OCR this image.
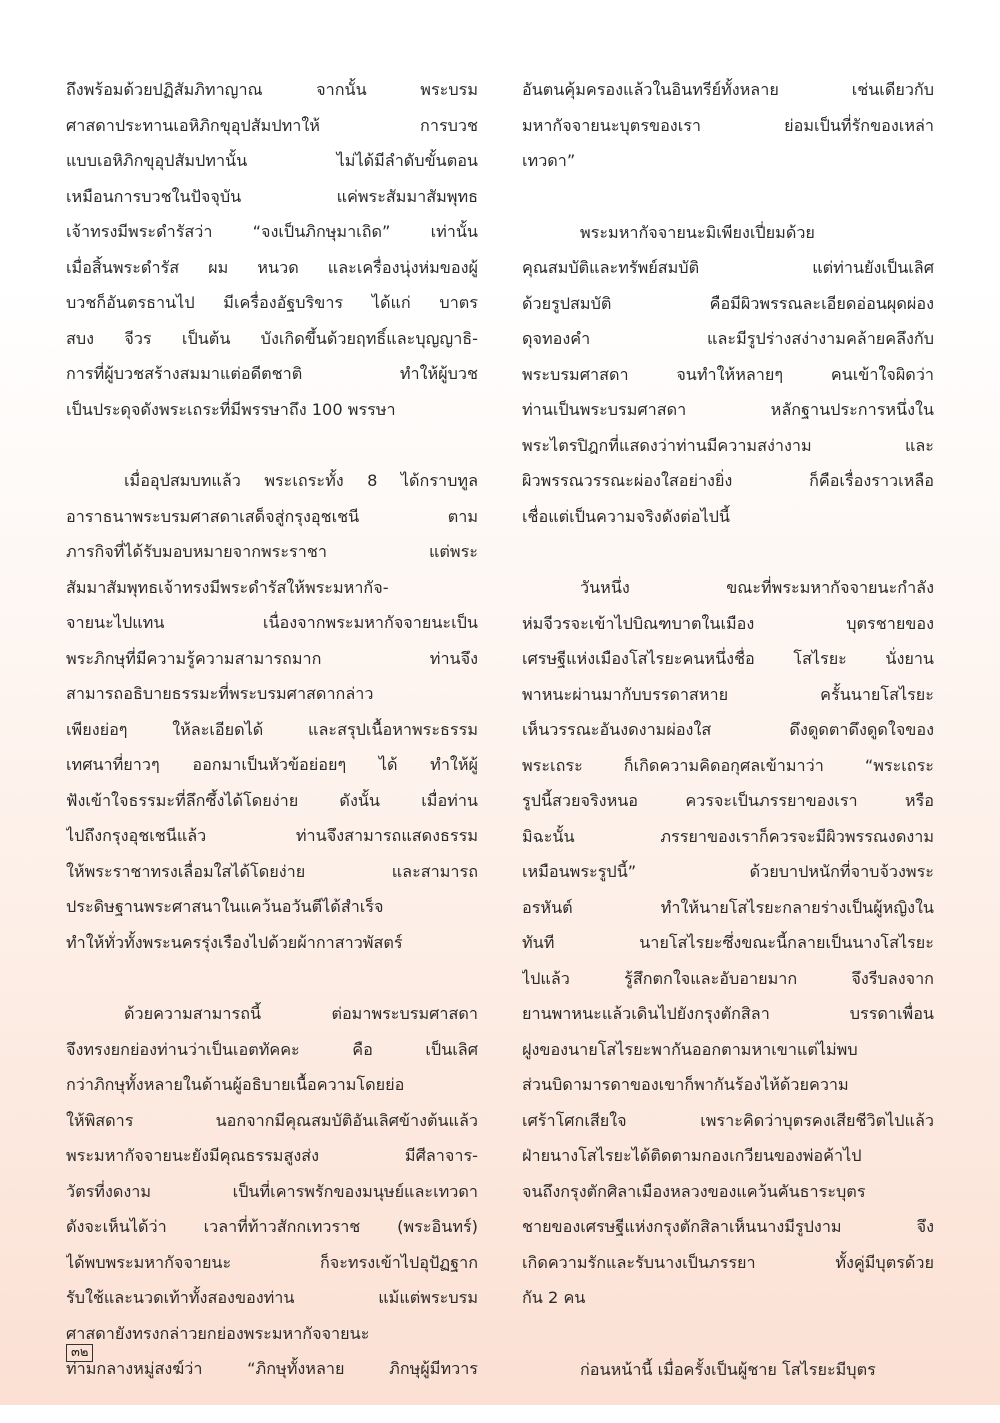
ถึงพร้อมด้วยปฏิสัมภิทาญาณ จากนั้น พระบรม
ศาสดาประทานเอหิภิกขุอุปสัมปทาให้ การบวช
แบบเอหิภิกขุอุปสัมปทานั้น ไม่ได้มีลำดับขั้นตอน
เหมือนการบวชในปัจจุบัน แค่พระสัมมาสัมพุทธ
เจ้าทรงมีพระดำรัสว่า “จงเป็นภิกษุมาเถิด” เท่านั้น
เมื่อสิ้นพระดำรัส ผม หนวด และเครื่องนุ่งห่มของผู้
บวชก็อันตรธานไป มีเครื่องอัฐบริขาร ได้แก่ บาตร
สบง จีวร เป็นต้น บังเกิดขึ้นด้วยฤทธิ์และบุญญาธิ-
การที่ผู้บวชสร้างสมมาแต่อดีตชาติ ทำให้ผู้บวช
เป็นประดุจดังพระเถระที่มีพรรษาถึง 100 พรรษา
เมื่ออุปสมบทแล้ว พระเถระทั้ง 8 ได้กราบทูล
อาราธนาพระบรมศาสดาเสด็จสู่กรุงอุชเชนี ตาม
ภารกิจที่ได้รับมอบหมายจากพระราชา แต่พระ
สัมมาสัมพุทธเจ้าทรงมีพระดำรัสให้พระมหากัจ-
จายนะไปแทน เนื่องจากพระมหากัจจายนะเป็น
พระภิกษุที่มีความรู้ความสามารถมาก ท่านจึง
สามารถอธิบายธรรมะที่พระบรมศาสดากล่าว
เพียงย่อๆ ให้ละเอียดได้ และสรุปเนื้อหาพระธรรม
เทศนาที่ยาวๆ ออกมาเป็นหัวข้อย่อยๆ ได้ ทำให้ผู้
ฟังเข้าใจธรรมะที่ลึกซึ้งได้โดยง่าย ดังนั้น เมื่อท่าน
ไปถึงกรุงอุชเชนีแล้ว ท่านจึงสามารถแสดงธรรม
ให้พระราชาทรงเลื่อมใสได้โดยง่าย และสามารถ
ประดิษฐานพระศาสนาในแคว้นอวันตีได้สำเร็จ
ทำให้ทั่วทั้งพระนครรุ่งเรืองไปด้วยผ้ากาสาวพัสตร์
ด้วยความสามารถนี้ ต่อมาพระบรมศาสดา
จึงทรงยกย่องท่านว่าเป็นเอตทัคคะ คือ เป็นเลิศ
กว่าภิกษุทั้งหลายในด้านผู้อธิบายเนื้อความโดยย่อ
ให้พิสดาร นอกจากมีคุณสมบัติอันเลิศข้างต้นแล้ว
พระมหากัจจายนะยังมีคุณธรรมสูงส่ง มีศีลาจาร-
วัตรที่งดงาม เป็นที่เคารพรักของมนุษย์และเทวดา
ดังจะเห็นได้ว่า เวลาที่ท้าวสักกเทวราช (พระอินทร์)
ได้พบพระมหากัจจายนะ ก็จะทรงเข้าไปอุปัฏฐาก
รับใช้และนวดเท้าทั้งสองของท่าน แม้แต่พระบรม
ศาสดายังทรงกล่าวยกย่องพระมหากัจจายนะ
ท่ามกลางหมู่สงฆ์ว่า “ภิกษุทั้งหลาย ภิกษุผู้มีทวาร
อันตนคุ้มครองแล้วในอินทรีย์ทั้งหลาย เช่นเดียวกับ
มหากัจจายนะบุตรของเรา ย่อมเป็นที่รักของเหล่า
เทวดา”
พระมหากัจจายนะมิเพียงเปี่ยมด้วย
คุณสมบัติและทรัพย์สมบัติ แต่ท่านยังเป็นเลิศ
ด้วยรูปสมบัติ คือมีผิวพรรณละเอียดอ่อนผุดผ่อง
ดุจทองคำ และมีรูปร่างสง่างามคล้ายคลึงกับ
พระบรมศาสดา จนทำให้หลายๆ คนเข้าใจผิดว่า
ท่านเป็นพระบรมศาสดา หลักฐานประการหนึ่งใน
พระไตรปิฎกที่แสดงว่าท่านมีความสง่างาม และ
ผิวพรรณวรรณะผ่องใสอย่างยิ่ง ก็คือเรื่องราวเหลือ
เชื่อแต่เป็นความจริงดังต่อไปนี้
วันหนึ่ง ขณะที่พระมหากัจจายนะกำลัง
ห่มจีวรจะเข้าไปบิณฑบาตในเมือง บุตรชายของ
เศรษฐีแห่งเมืองโสไรยะคนหนึ่งชื่อ โสไรยะ นั่งยาน
พาหนะผ่านมากับบรรดาสหาย ครั้นนายโสไรยะ
เห็นวรรณะอันงดงามผ่องใส ดึงดูดตาดึงดูดใจของ
พระเถระ ก็เกิดความคิดอกุศลเข้ามาว่า “พระเถระ
รูปนี้สวยจริงหนอ ควรจะเป็นภรรยาของเรา หรือ
มิฉะนั้น ภรรยาของเราก็ควรจะมีผิวพรรณงดงาม
เหมือนพระรูปนี้” ด้วยบาปหนักที่จาบจ้วงพระ
อรหันต์ ทำให้นายโสไรยะกลายร่างเป็นผู้หญิงใน
ทันที นายโสไรยะซึ่งขณะนี้กลายเป็นนางโสไรยะ
ไปแล้ว รู้สึกตกใจและอับอายมาก จึงรีบลงจาก
ยานพาหนะแล้วเดินไปยังกรุงตักสิลา บรรดาเพื่อน
ฝูงของนายโสไรยะพากันออกตามหาเขาแต่ไม่พบ
ส่วนบิดามารดาของเขาก็พากันร้องไห้ด้วยความ
เศร้าโศกเสียใจ เพราะคิดว่าบุตรคงเสียชีวิตไปแล้ว
ฝ่ายนางโสไรยะได้ติดตามกองเกวียนของพ่อค้าไป
จนถึงกรุงตักศิลาเมืองหลวงของแคว้นคันธาระบุตร
ชายของเศรษฐีแห่งกรุงตักสิลาเห็นนางมีรูปงาม จึง
เกิดความรักและรับนางเป็นภรรยา ทั้งคู่มีบุตรด้วย
กัน 2 คน
ก่อนหน้านี้ เมื่อครั้งเป็นผู้ชาย โสไรยะมีบุตร
๓๒
